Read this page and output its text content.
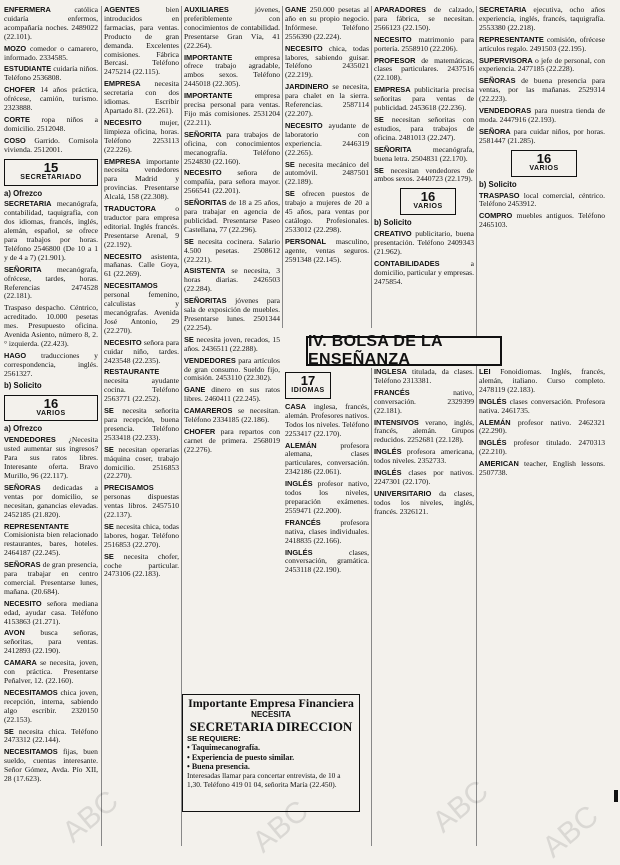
ENFERMERA	católica cuidaría enfermos, acompañaría noches. 2489022 (22.101).
MOZO comedor o camarero, informado. 2334585.
ESTUDIANTE cuidaría niños. Teléfono 2536808.
CHOFER 14 años práctica, ofrécese, camión, turismo. 2323888.
CORTE ropa niños a domicilio. 2512048.
COSO Garrido. Cornisola vivienda. 2512001.
15
SECRETARIADO
a) Ofrezco
SECRETARIA mecanógrafa, contabilidad, taquigrafía, con dos idiomas, francés, inglés, alemán, español, se ofrece para trabajos por horas. Teléfono 2546800 (De 10 a 1 y de 4 a 7) (21.901).
SEÑORITA mecanógrafa, ofrécese, tardes, horas. Referencias 2474528 (22.181).
Traspaso despacho. Céntrico, acreditado. 10.000 pesetas mes. Presupuesto oficina. Avenida Asiento, número 8, 2.° izquierda. (22.423).
HAGO traducciones y correspondencia, inglés. 2561327.
b) Solicito
16
VARIOS
a) Ofrezco
VENDEDORES ¿Necesita usted aumentar sus ingresos? Para sus ratos libres. Interesante oferta. Bravo Murillo, 96 (22.117).
SEÑORAS dedicadas a ventas por domicilio, se necesitan, ganancias elevadas. 2452185 (21.820).
REPRESENTANTE Comisionista bien relacionado restaurantes, bares, hoteles. 2464187 (22.245).
SEÑORAS de gran presencia, para trabajar en centro comercial. Presentarse lunes, mañana. (20.684).
NECESITO señora mediana edad, ayudar casa. Teléfono 4153863 (21.271).
AVON busca señoras, señoritas, para ventas. 2412893 (22.190).
CAMARA se necesita, joven, con práctica. Presentarse Peñalver, 12. (22.160).
NECESITAMOS chica joven, recepción, interna, sabiendo algo escribir. 2320150 (22.153).
SE necesita chica. Teléfono 2473312 (22.144).
NECESITAMOS fijas, buen sueldo, cuentas interesante. Señor Gómez, Avda. Pío XII, 28 (17.623).
AGENTES	bien introducidos en farmacias, para ventas. Producto de gran demanda. Excelentes comisiones. Fábrica Bercasi. Teléfono 2475214 (22.115).
EMPRESA necesita secretaria con dos idiomas. Escribir Apartado 81. (22.261).
NECESITO mujer, limpieza oficina, horas. Teléfono 2253113 (22.226).
EMPRESA importante necesita vendedores para Madrid y provincias. Presentarse Alcalá, 158 (22.308).
TRADUCTORA	o traductor para empresa editorial. Inglés francés. Presentarse Arenal, 9 (22.192).
NECESITO asistenta, mañanas. Calle Goya, 61 (22.269).
NECESITAMOS personal femenino, calculistas y mecanógrafas. Avenida José Antonio, 29 (22.270).
NECESITO señora para cuidar niño, tardes. 2423548 (22.235).
RESTAURANTE necesita ayudante cocina. Teléfono 2563771 (22.252).
SE necesita señorita para recepción, buena presencia. Teléfono 2533418 (22.233).
SE necesitan operarias máquina coser, trabajo domicilio. 2516853 (22.270).
PRECISAMOS personas dispuestas ventas libros. 2457510 (22.137).
SE necesita chica, todas labores, hogar. Teléfono 2516853 (22.270).
SE necesita chofer, coche particular. 2473106 (22.183).
AUXILIARES	jóvenes, preferiblemente con conocimientos de contabilidad. Presentarse Gran Vía, 41 (22.264).
IMPORTANTE	empresa ofrece trabajo agradable, ambos sexos. Teléfono 2445018 (22.305).
IMPORTANTE	empresa precisa personal para ventas. Fijo más comisiones. 2531204 (22.211).
SEÑORITA para trabajos de oficina, con conocimientos mecanografía. Teléfono 2524830 (22.160).
NECESITO señora de compañía, para señora mayor. 2566541 (22.201).
SEÑORITAS de 18 a 25 años, para trabajar en agencia de publicidad. Presentarse Paseo Castellana, 77 (22.296).
SE necesita cocinera. Salario 4.500 pesetas. 2508612 (22.221).
ASISTENTA se necesita, 3 horas diarias. 2426503 (22.284).
SEÑORITAS jóvenes para sala de exposición de muebles. Presentarse lunes. 2501344 (22.254).
SE necesita joven, recados, 15 años. 2436511 (22.288).
VENDEDORES para artículos de gran consumo. Sueldo fijo, comisión. 2453110 (22.302).
GANE dinero en sus ratos libres. 2460411 (22.245).
CAMAREROS se necesitan. Teléfono 2334185 (22.186).
CHOFER para repartos con carnet de primera. 2568019 (22.276).
GANE 250.000 pesetas al año en su propio negocio. Infórmese. Teléfono 2556390 (22.224).
NECESITO chica, todas labores, sabiendo guisar. Teléfono 2435021 (22.219).
JARDINERO se necesita, para chalet en la sierra. Referencias. 2587114 (22.207).
NECESITO ayudante de laboratorio con experiencia. 2446319 (22.265).
SE necesita mecánico del automóvil. 2487501 (22.189).
SE ofrecen puestos de trabajo a mujeres de 20 a 45 años, para ventas por catálogo. Profesionales. 2533012 (22.298).
PERSONAL masculino, agente, ventas seguros. 2591348 (22.145).
APARADORES de calzado, para fábrica, se necesitan. 2566123 (22.150).
NECESITO matrimonio para portería. 2558910 (22.206).
PROFESOR de matemáticas, clases particulares. 2437516 (22.108).
EMPRESA publicitaria precisa señoritas para ventas de publicidad. 2453618 (22.236).
SE necesitan señoritas con estudios, para trabajos de oficina. 2481013 (22.247).
SEÑORITA	mecanógrafa, buena letra. 2504831 (22.170).
SE necesitan vendedores de ambos sexos. 2440723 (22.179).
16
VARIOS
b) Solicito
CREATIVO publicitario, buena presentación. Teléfono 2409343 (21.962).
CONTABILIDADES	a domicilio, particular y empresas. 2475854.
SECRETARIA ejecutiva, ocho años experiencia, inglés, francés, taquigrafía. 2553380 (22.218).
REPRESENTANTE comisión, ofrécese artículos regalo. 2491503 (22.195).
SUPERVISORA o jefe de personal, con experiencia. 2477185 (22.228).
SEÑORAS de buena presencia para ventas, por las mañanas. 2529314 (22.223).
VENDEDORAS para nuestra tienda de moda. 2447916 (22.193).
SEÑORA para cuidar niños, por horas. 2581447 (21.285).
16
VARIOS
b) Solicito
TRASPASO local comercial, céntrico. Teléfono 2453912.
COMPRO muebles antiguos. Teléfono 2465103.
IV. BOLSA DE LA ENSEÑANZA
17
IDIOMAS
CASA inglesa, francés, alemán. Profesores nativos. Todos los niveles. Teléfono 2253417 (22.170).
ALEMÁN	profesora alemana, clases particulares, conversación. 2342186 (22.061).
INGLÉS profesor nativo, todos los niveles, preparación exámenes. 2559471 (22.200).
FRANCÉS	profesora nativa, clases individuales. 2418835 (22.166).
INGLÉS	clases, conversación, gramática. 2453118 (22.190).
INGLESA titulada, da clases. Teléfono 2313381.
FRANCÉS	nativo, conversación. 2329399 (22.181).
INTENSIVOS verano, inglés, francés, alemán. Grupos reducidos. 2252681 (22.128).
INGLÉS profesora americana, todos niveles. 2352733.
INGLÉS clases por nativos. 2247301 (22.170).
UNIVERSITARIO da clases, todos los niveles, inglés, francés. 2326121.
LEI Fonoidiomas. Inglés, francés, alemán, italiano. Curso completo. 2478119 (22.183).
INGLÉS clases conversación. Profesora nativa. 2461735.
ALEMÁN profesor nativo. 2462321 (22.290).
INGLÉS profesor titulado. 2470313 (22.210).
AMERICAN teacher, English lessons. 2507738.
Importante Empresa Financiera
NECESITA
SECRETARIA DIRECCION
SE REQUIERE:
• Taquimecanografía.
• Experiencia de puesto similar.
• Buena presencia.
Interesadas llamar para concertar entrevista, de 10 a 1,30. Teléfono 419 01 04, señorita María (22.450).
ABC	ABC	ABC ABC
